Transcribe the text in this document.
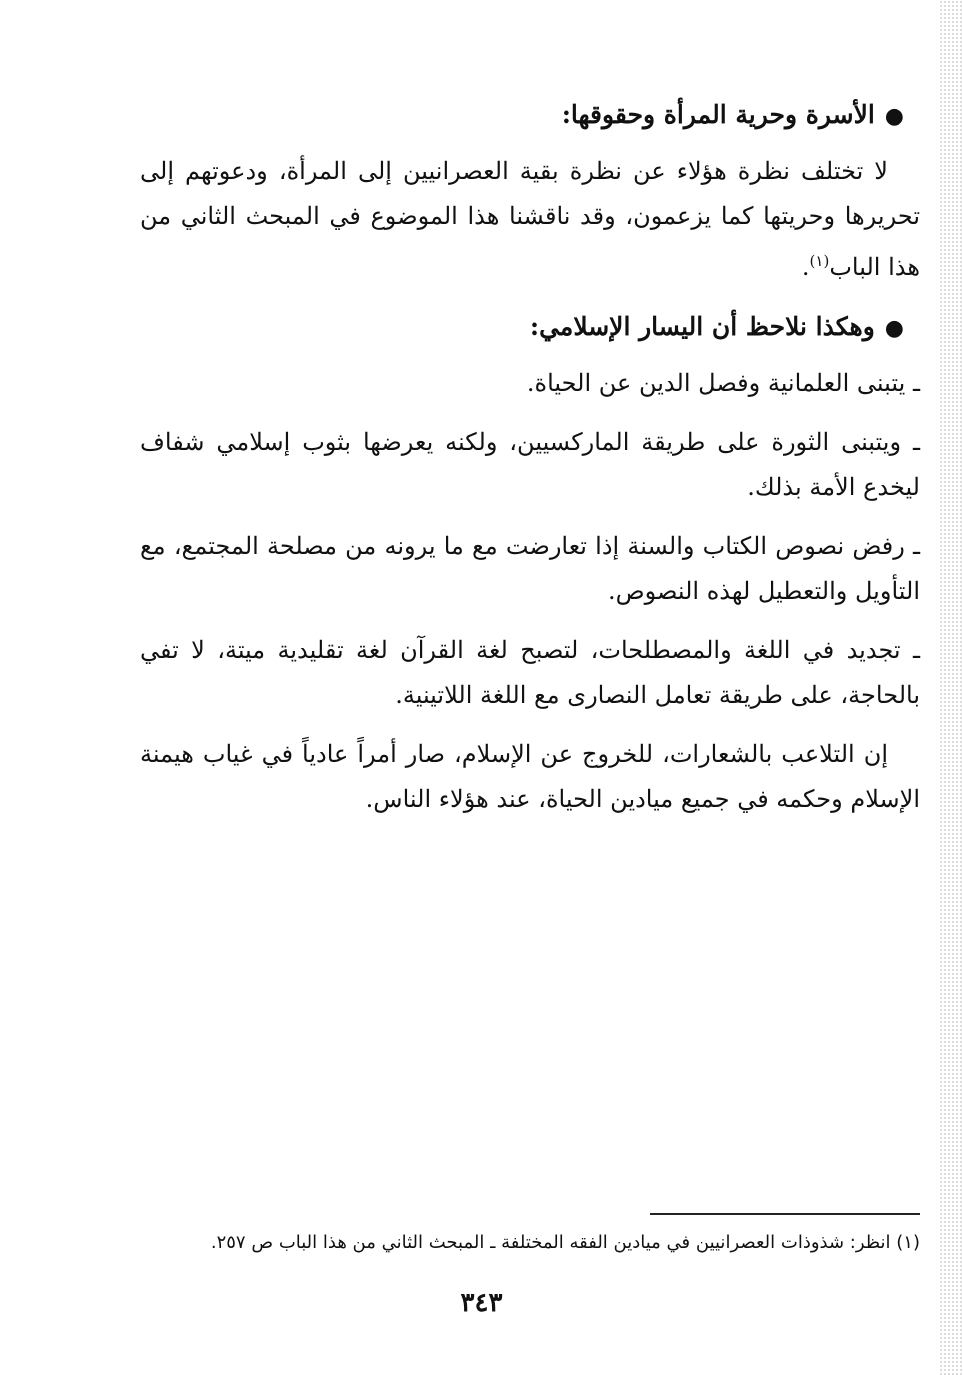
●الأسرة وحرية المرأة وحقوقها:

لا تختلف نظرة هؤلاء عن نظرة بقية العصرانيين إلى المرأة، ودعوتهم إلى تحريرها وحريتها كما يزعمون، وقد ناقشنا هذا الموضوع في المبحث الثاني من هذا الباب$^{(١)}$.

●وهكذا نلاحظ أن اليسار الإسلامي:

ـ يتبنى العلمانية وفصل الدين عن الحياة.

ـ ويتبنى الثورة على طريقة الماركسيين، ولكنه يعرضها بثوب إسلامي شفاف ليخدع الأمة بذلك.

ـ رفض نصوص الكتاب والسنة إذا تعارضت مع ما يرونه من مصلحة المجتمع، مع التأويل والتعطيل لهذه النصوص.

ـ تجديد في اللغة والمصطلحات، لتصبح لغة القرآن لغة تقليدية ميتة، لا تفي بالحاجة، على طريقة تعامل النصارى مع اللغة اللاتينية.

إن التلاعب بالشعارات، للخروج عن الإسلام، صار أمراً عادياً في غياب هيمنة الإسلام وحكمه في جميع ميادين الحياة، عند هؤلاء الناس.

(١) انظر: شذوذات العصرانيين في ميادين الفقه المختلفة ـ المبحث الثاني من هذا الباب ص ٢٥٧.
٣٤٣
